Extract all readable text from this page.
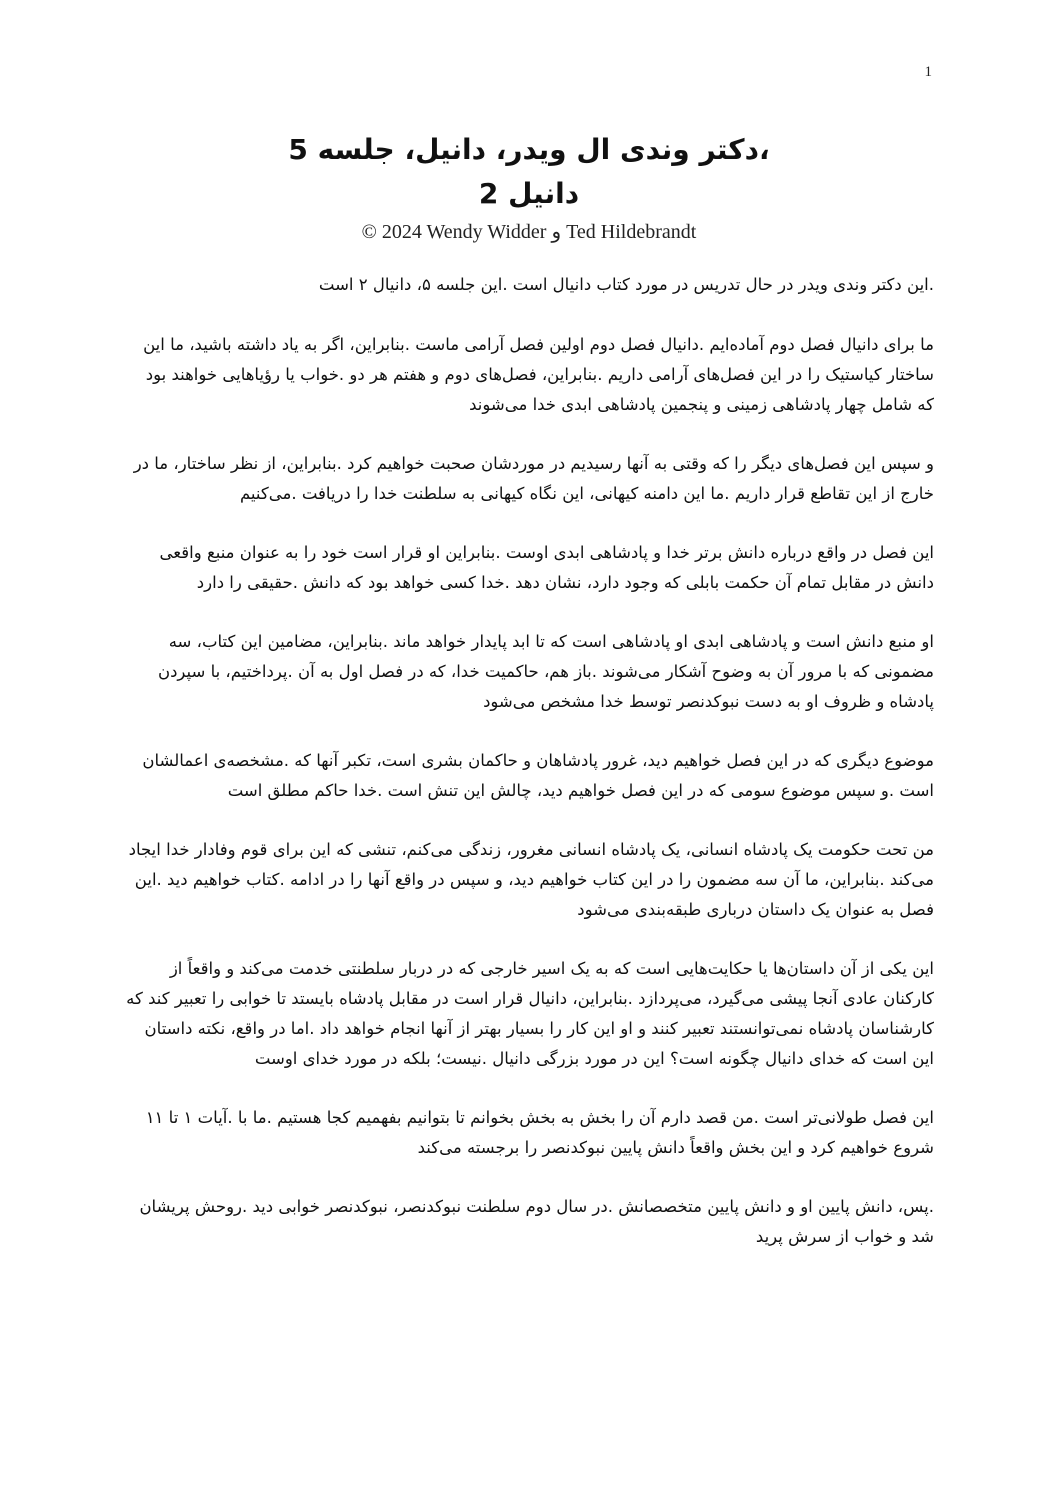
1
،دکتر وندی ال ویدر، دانیل، جلسه 5
دانیل 2
© 2024 Wendy Widder و Ted Hildebrandt

.این دکتر وندی ویدر در حال تدریس در مورد کتاب دانیال است .این جلسه ۵، دانیال ۲ است

ما برای دانیال فصل دوم آماده‌ایم .دانیال فصل دوم اولین فصل آرامی ماست .بنابراین، اگر به یاد داشته باشید، ما این ساختار کیاستیک را در این فصل‌های آرامی داریم .بنابراین، فصل‌های دوم و هفتم هر دو .خواب یا رؤیاهایی خواهند بود که شامل چهار پادشاهی زمینی و پنجمین پادشاهی ابدی خدا می‌شوند

و سپس این فصل‌های دیگر را که وقتی به آنها رسیدیم در موردشان صحبت خواهیم کرد .بنابراین، از نظر ساختار، ما در خارج از این تقاطع قرار داریم .ما این دامنه کیهانی، این نگاه کیهانی به سلطنت خدا را دریافت .می‌کنیم

این فصل در واقع درباره دانش برتر خدا و پادشاهی ابدی اوست .بنابراین او قرار است خود را به عنوان منبع واقعی دانش در مقابل تمام آن حکمت بابلی که وجود دارد، نشان دهد .خدا کسی خواهد بود که دانش .حقیقی را دارد

او منبع دانش است و پادشاهی ابدی او پادشاهی است که تا ابد پایدار خواهد ماند .بنابراین، مضامین این کتاب، سه مضمونی که با مرور آن به وضوح آشکار می‌شوند .باز هم، حاکمیت خدا، که در فصل اول به آن .پرداختیم، با سپردن پادشاه و ظروف او به دست نبوکدنصر توسط خدا مشخص می‌شود

موضوع دیگری که در این فصل خواهیم دید، غرور پادشاهان و حاکمان بشری است، تکبر آنها که .مشخصه‌ی اعمالشان است .و سپس موضوع سومی که در این فصل خواهیم دید، چالش این تنش است .خدا حاکم مطلق است

من تحت حکومت یک پادشاه انسانی، یک پادشاه انسانی مغرور، زندگی می‌کنم، تنشی که این برای قوم وفادار خدا ایجاد می‌کند .بنابراین، ما آن سه مضمون را در این کتاب خواهیم دید، و سپس در واقع آنها را در ادامه .کتاب خواهیم دید .این فصل به عنوان یک داستان درباری طبقه‌بندی می‌شود

این یکی از آن داستان‌ها یا حکایت‌هایی است که به یک اسیر خارجی که در دربار سلطنتی خدمت می‌کند و واقعاً از کارکنان عادی آنجا پیشی می‌گیرد، می‌پردازد .بنابراین، دانیال قرار است در مقابل پادشاه بایستد تا خوابی را تعبیر کند که کارشناسان پادشاه نمی‌توانستند تعبیر کنند و او این کار را بسیار بهتر از آنها انجام خواهد داد .اما در واقع، نکته داستان این است که خدای دانیال چگونه است؟ این در مورد بزرگی دانیال .نیست؛ بلکه در مورد خدای اوست

این فصل طولانی‌تر است .من قصد دارم آن را بخش به بخش بخوانم تا بتوانیم بفهمیم کجا هستیم .ما با .آیات ۱ تا ۱۱ شروع خواهیم کرد و این بخش واقعاً دانش پایین نبوکدنصر را برجسته می‌کند

.پس، دانش پایین او و دانش پایین متخصصانش .در سال دوم سلطنت نبوکدنصر، نبوکدنصر خوابی دید .روحش پریشان شد و خواب از سرش پرید
